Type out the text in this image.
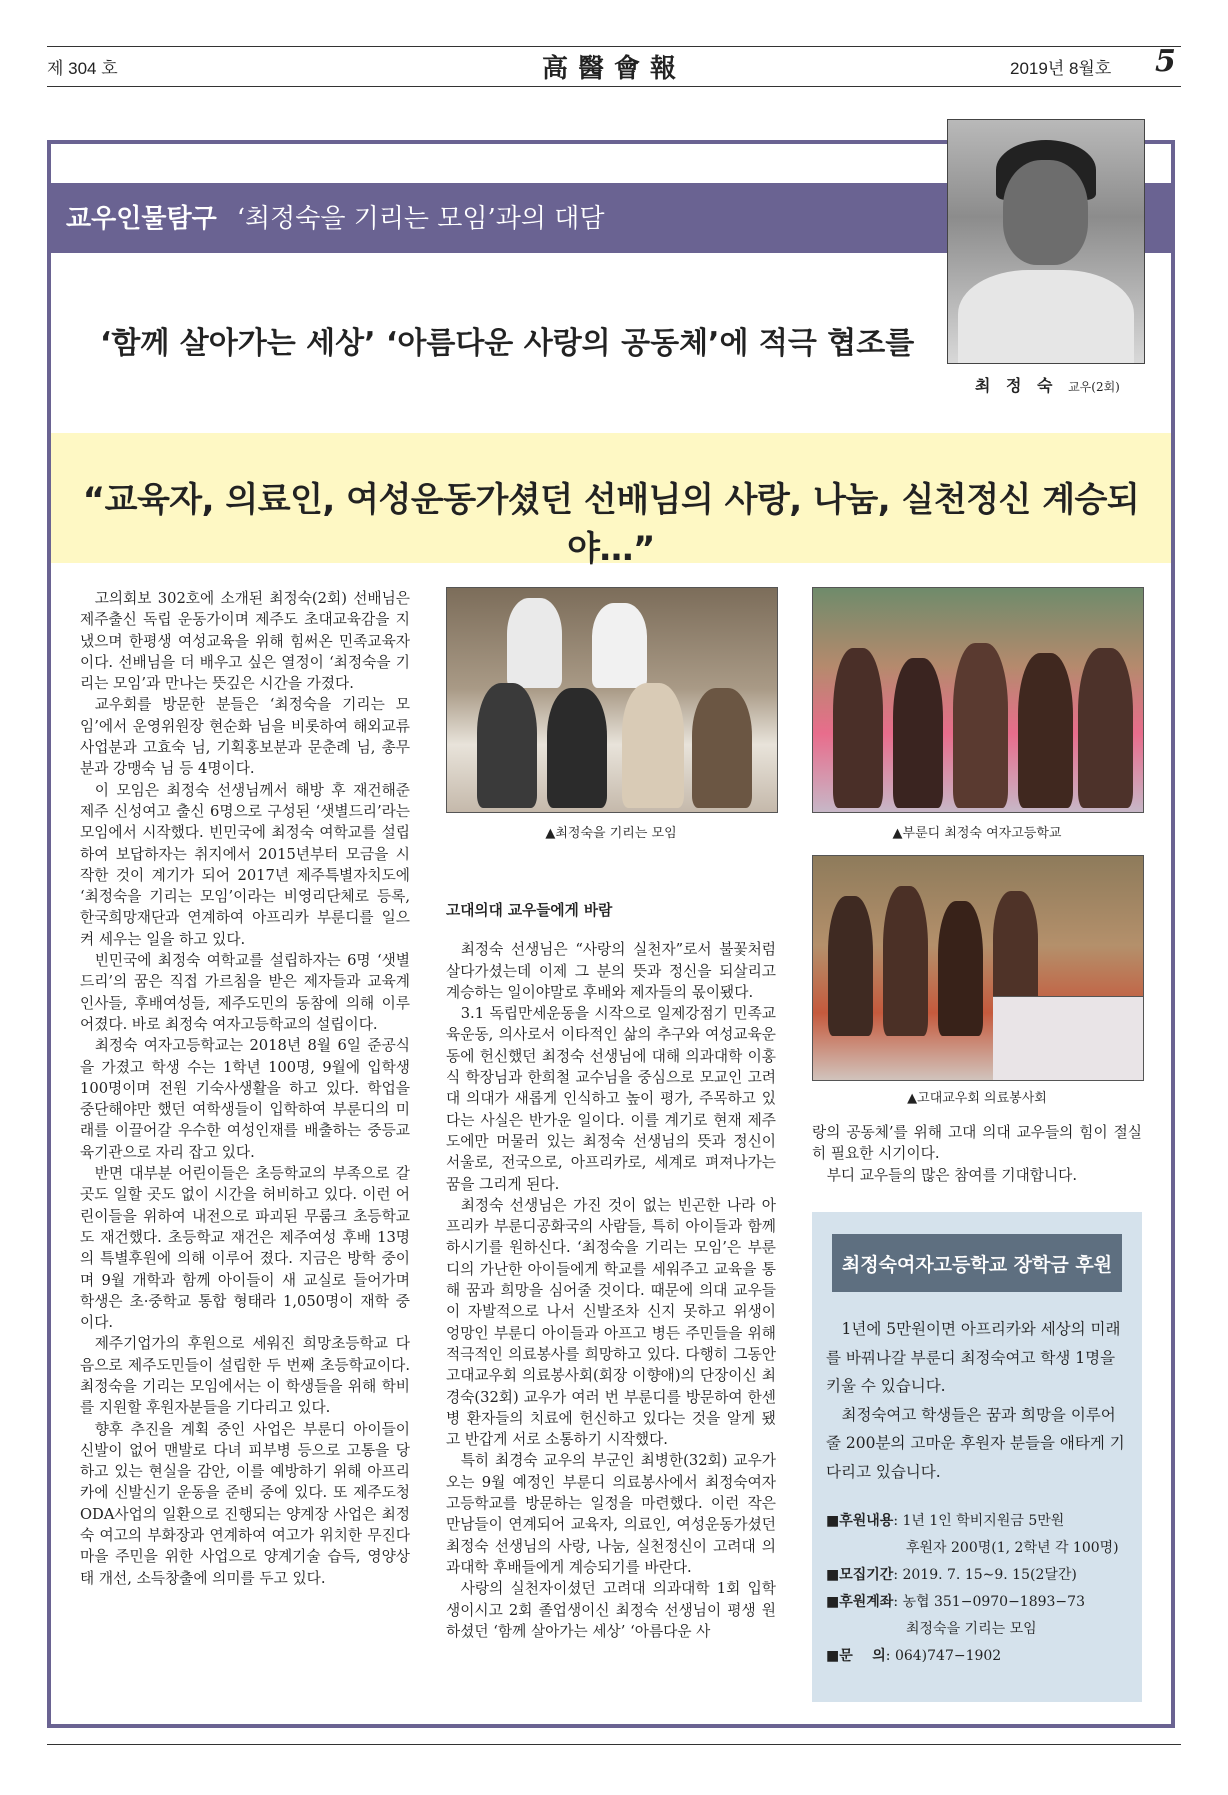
제 304 호	高醫會報	2019년 8월호 5
교우인물탐구 ‘최정숙을 기리는 모임’과의 대담
최 정 숙 교우(2회)
‘함께 살아가는 세상’ ‘아름다운 사랑의 공동체’에 적극 협조를
“교육자, 의료인, 여성운동가셨던 선배님의 사랑, 나눔, 실천정신 계승되야…”

고의회보 302호에 소개된 최정숙(2회) 선배님은 제주출신 독립 운동가이며 제주도 초대교육감을 지냈으며 한평생 여성교육을 위해 힘써온 민족교육자이다. 선배님을 더 배우고 싶은 열정이 ‘최정숙을 기리는 모임’과 만나는 뜻깊은 시간을 가졌다.

교우회를 방문한 분들은 ‘최정숙을 기리는 모임’에서 운영위원장 현순화 님을 비롯하여 해외교류사업분과 고효숙 님, 기획홍보분과 문춘례 님, 총무분과 강맹숙 님 등 4명이다.

이 모임은 최정숙 선생님께서 해방 후 재건해준 제주 신성여고 출신 6명으로 구성된 ‘샛별드리’라는 모임에서 시작했다. 빈민국에 최정숙 여학교를 설립하여 보답하자는 취지에서 2015년부터 모금을 시작한 것이 계기가 되어 2017년 제주특별자치도에 ‘최정숙을 기리는 모임’이라는 비영리단체로 등록, 한국희망재단과 연계하여 아프리카 부룬디를 일으켜 세우는 일을 하고 있다.

빈민국에 최정숙 여학교를 설립하자는 6명 ‘샛별드리’의 꿈은 직접 가르침을 받은 제자들과 교육계 인사들, 후배여성들, 제주도민의 동참에 의해 이루어졌다. 바로 최정숙 여자고등학교의 설립이다.

최정숙 여자고등학교는 2018년 8월 6일 준공식을 가졌고 학생 수는 1학년 100명, 9월에 입학생 100명이며 전원 기숙사생활을 하고 있다. 학업을 중단해야만 했던 여학생들이 입학하여 부룬디의 미래를 이끌어갈 우수한 여성인재를 배출하는 중등교육기관으로 자리 잡고 있다.

반면 대부분 어린이들은 초등학교의 부족으로 갈 곳도 일할 곳도 없이 시간을 허비하고 있다. 이런 어린이들을 위하여 내전으로 파괴된 무룸크 초등학교도 재건했다. 초등학교 재건은 제주여성 후배 13명의 특별후원에 의해 이루어 졌다. 지금은 방학 중이며 9월 개학과 함께 아이들이 새 교실로 들어가며 학생은 초·중학교 통합 형태라 1,050명이 재학 중이다.

제주기업가의 후원으로 세워진 희망초등학교 다음으로 제주도민들이 설립한 두 번째 초등학교이다. 최정숙을 기리는 모임에서는 이 학생들을 위해 학비를 지원할 후원자분들을 기다리고 있다.

향후 추진을 계획 중인 사업은 부룬디 아이들이 신발이 없어 맨발로 다녀 피부병 등으로 고통을 당하고 있는 현실을 감안, 이를 예방하기 위해 아프리카에 신발신기 운동을 준비 중에 있다. 또 제주도청 ODA사업의 일환으로 진행되는 양계장 사업은 최정숙 여고의 부화장과 연계하여 여고가 위치한 무진다 마을 주민을 위한 사업으로 양계기술 습득, 영양상태 개선, 소득창출에 의미를 두고 있다.

▲최정숙을 기리는 모임	▲부룬디 최정숙 여자고등학교
▲고대교우회 의료봉사회
고대의대 교우들에게 바람

최정숙 선생님은 “사랑의 실천자”로서 불꽃처럼 살다가셨는데 이제 그 분의 뜻과 정신을 되살리고 계승하는 일이야말로 후배와 제자들의 몫이됐다.

3.1 독립만세운동을 시작으로 일제강점기 민족교육운동, 의사로서 이타적인 삶의 추구와 여성교육운동에 헌신했던 최정숙 선생님에 대해 의과대학 이홍식 학장님과 한희철 교수님을 중심으로 모교인 고려대 의대가 새롭게 인식하고 높이 평가, 주목하고 있다는 사실은 반가운 일이다. 이를 계기로 현재 제주도에만 머물러 있는 최정숙 선생님의 뜻과 정신이 서울로, 전국으로, 아프리카로, 세계로 펴져나가는 꿈을 그리게 된다.

최정숙 선생님은 가진 것이 없는 빈곤한 나라 아프리카 부룬디공화국의 사람들, 특히 아이들과 함께 하시기를 원하신다. ‘최정숙을 기리는 모임’은 부룬디의 가난한 아이들에게 학교를 세워주고 교육을 통해 꿈과 희망을 심어줄 것이다. 때문에 의대 교우들이 자발적으로 나서 신발조차 신지 못하고 위생이 엉망인 부룬디 아이들과 아프고 병든 주민들을 위해 적극적인 의료봉사를 희망하고 있다. 다행히 그동안 고대교우회 의료봉사회(회장 이향애)의 단장이신 최경숙(32회) 교우가 여러 번 부룬디를 방문하여 한센병 환자들의 치료에 헌신하고 있다는 것을 알게 됐고 반갑게 서로 소통하기 시작했다.

특히 최경숙 교우의 부군인 최병한(32회) 교우가 오는 9월 예정인 부룬디 의료봉사에서 최정숙여자고등학교를 방문하는 일정을 마련했다. 이런 작은 만남들이 연계되어 교육자, 의료인, 여성운동가셨던 최정숙 선생님의 사랑, 나눔, 실천정신이 고려대 의과대학 후배들에게 계승되기를 바란다.

사랑의 실천자이셨던 고려대 의과대학 1회 입학생이시고 2회 졸업생이신 최정숙 선생님이 평생 원하셨던 ‘함께 살아가는 세상’ ‘아름다운 사

랑의 공동체’를 위해 고대 의대 교우들의 힘이 절실히 필요한 시기이다.

부디 교우들의 많은 참여를 기대합니다.

최정숙여자고등학교 장학금 후원

1년에 5만원이면 아프리카와 세상의 미래를 바꿔나갈 부룬디 최정숙여고 학생 1명을 키울 수 있습니다.

최정숙여고 학생들은 꿈과 희망을 이루어 줄 200분의 고마운 후원자 분들을 애타게 기다리고 있습니다.

■후원내용 : 1년 1인 학비지원금 5만원
후원자 200명(1, 2학년 각 100명)
■모집기간 : 2019. 7. 15∼9. 15(2달간)
■후원계좌 : 농협 351−0970−1893−73
최정숙을 기리는 모임
■문    의 : 064)747−1902
